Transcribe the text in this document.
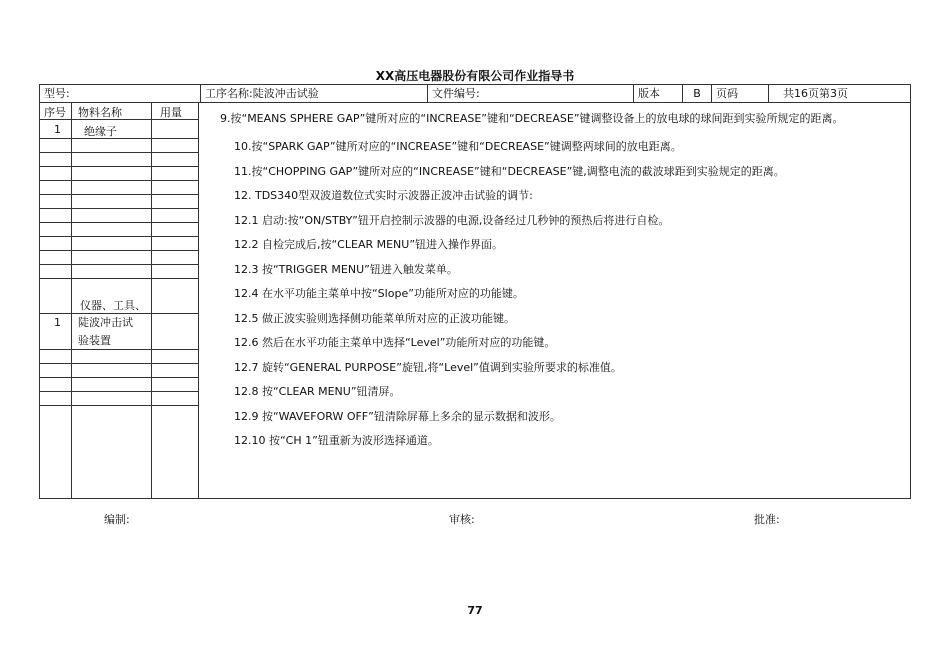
XX高压电器股份有限公司作业指导书
型号:	工序名称:陡波冲击试验	文件编号:	版本	B	页码	共16页第3页
序号 物料名称	用量
1 绝缘子
仪器、工具、
1 陡波冲击试
验装置

9.按“MEANS SPHERE GAP”键所对应的“INCREASE”键和“DECREASE”键调整设备上的放电球的球间距到实验所规定的距离。

10.按“SPARK GAP”键所对应的“INCREASE”键和“DECREASE”键调整两球间的放电距离。

11.按“CHOPPING GAP”键所对应的“INCREASE”键和“DECREASE”键,调整电流的截波球距到实验规定的距离。

12. TDS340型双波道数位式实时示波器正波冲击试验的调节:

12.1 启动:按“ON/STBY”钮开启控制示波器的电源,设备经过几秒钟的预热后将进行自检。

12.2 自检完成后,按“CLEAR MENU”钮进入操作界面。

12.3 按“TRIGGER MENU”钮进入触发菜单。

12.4 在水平功能主菜单中按“Slope”功能所对应的功能键。

12.5 做正波实验则选择侧功能菜单所对应的正波功能键。

12.6 然后在水平功能主菜单中选择“Level”功能所对应的功能键。

12.7 旋转“GENERAL PURPOSE”旋钮,将“Level”值调到实验所要求的标准值。

12.8 按“CLEAR MENU”钮清屏。

12.9 按“WAVEFORW OFF”钮清除屏幕上多余的显示数据和波形。

12.10 按“CH 1”钮重新为波形选择通道。

编制:	审核:	批准:
77
